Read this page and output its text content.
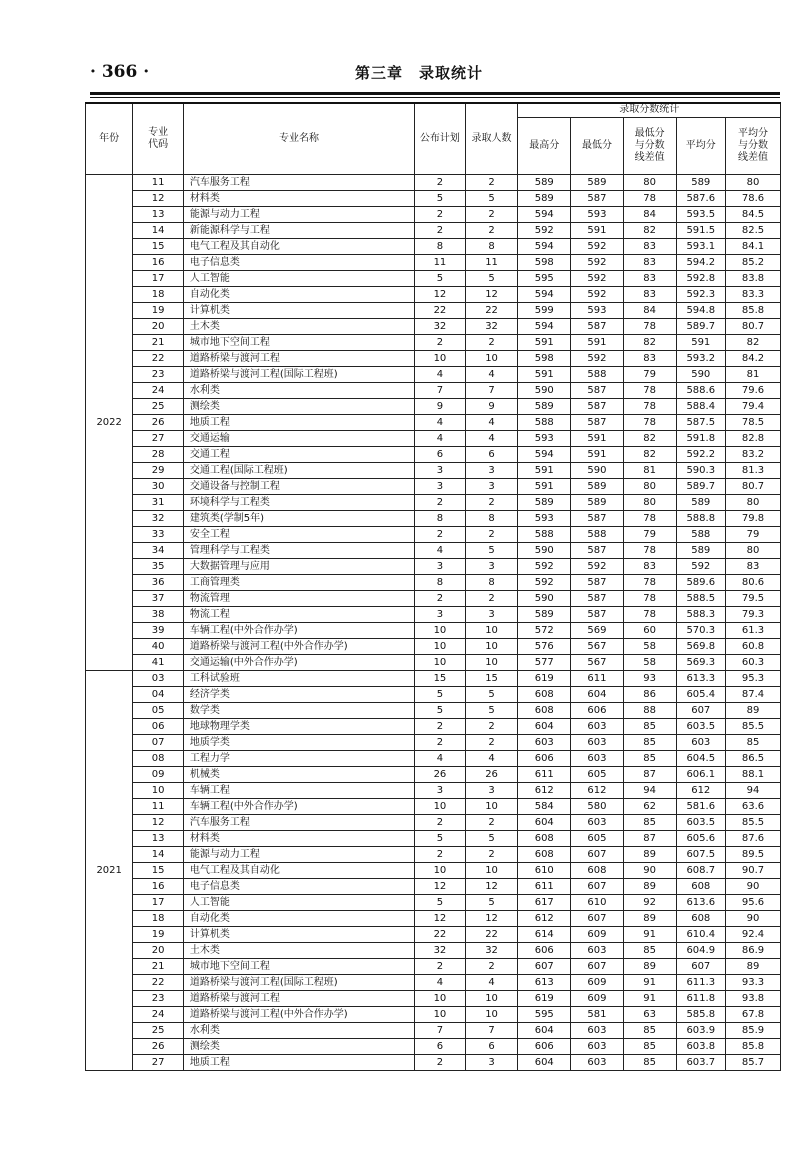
· 366 ·	第三章　录取统计
年份	专业代码	专业名称	公布计划	录取人数	录取分数统计				
					最高分	最低分	最低分与分数线差值	平均分	平均分与分数线差值
2022	11	汽车服务工程	2	2	589	589	80	589	80
	12	材料类	5	5	589	587	78	587.6	78.6
	13	能源与动力工程	2	2	594	593	84	593.5	84.5
	14	新能源科学与工程	2	2	592	591	82	591.5	82.5
	15	电气工程及其自动化	8	8	594	592	83	593.1	84.1
	16	电子信息类	11	11	598	592	83	594.2	85.2
	17	人工智能	5	5	595	592	83	592.8	83.8
	18	自动化类	12	12	594	592	83	592.3	83.3
	19	计算机类	22	22	599	593	84	594.8	85.8
	20	土木类	32	32	594	587	78	589.7	80.7
	21	城市地下空间工程	2	2	591	591	82	591	82
	22	道路桥梁与渡河工程	10	10	598	592	83	593.2	84.2
	23	道路桥梁与渡河工程(国际工程班)	4	4	591	588	79	590	81
	24	水利类	7	7	590	587	78	588.6	79.6
	25	测绘类	9	9	589	587	78	588.4	79.4
	26	地质工程	4	4	588	587	78	587.5	78.5
	27	交通运输	4	4	593	591	82	591.8	82.8
	28	交通工程	6	6	594	591	82	592.2	83.2
	29	交通工程(国际工程班)	3	3	591	590	81	590.3	81.3
	30	交通设备与控制工程	3	3	591	589	80	589.7	80.7
	31	环境科学与工程类	2	2	589	589	80	589	80
	32	建筑类(学制5年)	8	8	593	587	78	588.8	79.8
	33	安全工程	2	2	588	588	79	588	79
	34	管理科学与工程类	4	5	590	587	78	589	80
	35	大数据管理与应用	3	3	592	592	83	592	83
	36	工商管理类	8	8	592	587	78	589.6	80.6
	37	物流管理	2	2	590	587	78	588.5	79.5
	38	物流工程	3	3	589	587	78	588.3	79.3
	39	车辆工程(中外合作办学)	10	10	572	569	60	570.3	61.3
	40	道路桥梁与渡河工程(中外合作办学)	10	10	576	567	58	569.8	60.8
	41	交通运输(中外合作办学)	10	10	577	567	58	569.3	60.3
2021	03	工科试验班	15	15	619	611	93	613.3	95.3
	04	经济学类	5	5	608	604	86	605.4	87.4
	05	数学类	5	5	608	606	88	607	89
	06	地球物理学类	2	2	604	603	85	603.5	85.5
	07	地质学类	2	2	603	603	85	603	85
	08	工程力学	4	4	606	603	85	604.5	86.5
	09	机械类	26	26	611	605	87	606.1	88.1
	10	车辆工程	3	3	612	612	94	612	94
	11	车辆工程(中外合作办学)	10	10	584	580	62	581.6	63.6
	12	汽车服务工程	2	2	604	603	85	603.5	85.5
	13	材料类	5	5	608	605	87	605.6	87.6
	14	能源与动力工程	2	2	608	607	89	607.5	89.5
	15	电气工程及其自动化	10	10	610	608	90	608.7	90.7
	16	电子信息类	12	12	611	607	89	608	90
	17	人工智能	5	5	617	610	92	613.6	95.6
	18	自动化类	12	12	612	607	89	608	90
	19	计算机类	22	22	614	609	91	610.4	92.4
	20	土木类	32	32	606	603	85	604.9	86.9
	21	城市地下空间工程	2	2	607	607	89	607	89
	22	道路桥梁与渡河工程(国际工程班)	4	4	613	609	91	611.3	93.3
	23	道路桥梁与渡河工程	10	10	619	609	91	611.8	93.8
	24	道路桥梁与渡河工程(中外合作办学)	10	10	595	581	63	585.8	67.8
	25	水利类	7	7	604	603	85	603.9	85.9
	26	测绘类	6	6	606	603	85	603.8	85.8
	27	地质工程	2	3	604	603	85	603.7	85.7
